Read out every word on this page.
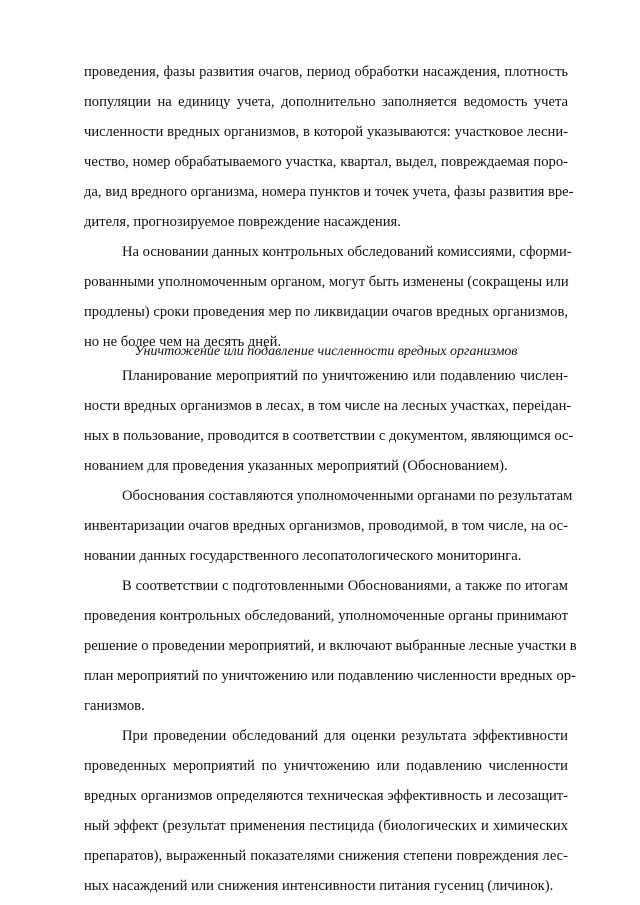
проведения, фазы развития очагов, период обработки насаждения, плотность
популяции на единицу учета, дополнительно заполняется ведомость учета
численности вредных организмов, в которой указываются: участковое лесни-
чество, номер обрабатываемого участка, квартал, выдел, повреждаемая поро-
да, вид вредного организма, номера пунктов и точек учета, фазы развития вре-
дителя, прогнозируемое повреждение насаждения.
На основании данных контрольных обследований комиссиями, сформи-
рованными уполномоченным органом, могут быть изменены (сокращены или
продлены) сроки проведения мер по ликвидации очагов вредных организмов,
но не более чем на десять дней.
Уничтожение или подавление численности вредных организмов
Планирование мероприятий по уничтожению или подавлению числен-
ности вредных организмов в лесах, в том числе на лесных участках, переідан-
ных в пользование, проводится в соответствии с документом, являющимся ос-
нованием для проведения указанных мероприятий (Обоснованием).
Обоснования составляются уполномоченными органами по результатам
инвентаризации очагов вредных организмов, проводимой, в том числе, на ос-
новании данных государственного лесопатологического мониторинга.
В соответствии с подготовленными Обоснованиями, а также по итогам
проведения контрольных обследований, уполномоченные органы принимают
решение о проведении мероприятий, и включают выбранные лесные участки в
план мероприятий по уничтожению или подавлению численности вредных ор-
ганизмов.
При проведении обследований для оценки результата эффективности
проведенных мероприятий по уничтожению или подавлению численности
вредных организмов определяются техническая эффективность и лесозащит-
ный эффект (результат применения пестицида (биологических и химических
препаратов), выраженный показателями снижения степени повреждения лес-
ных насаждений или снижения интенсивности питания гусениц (личинок).
